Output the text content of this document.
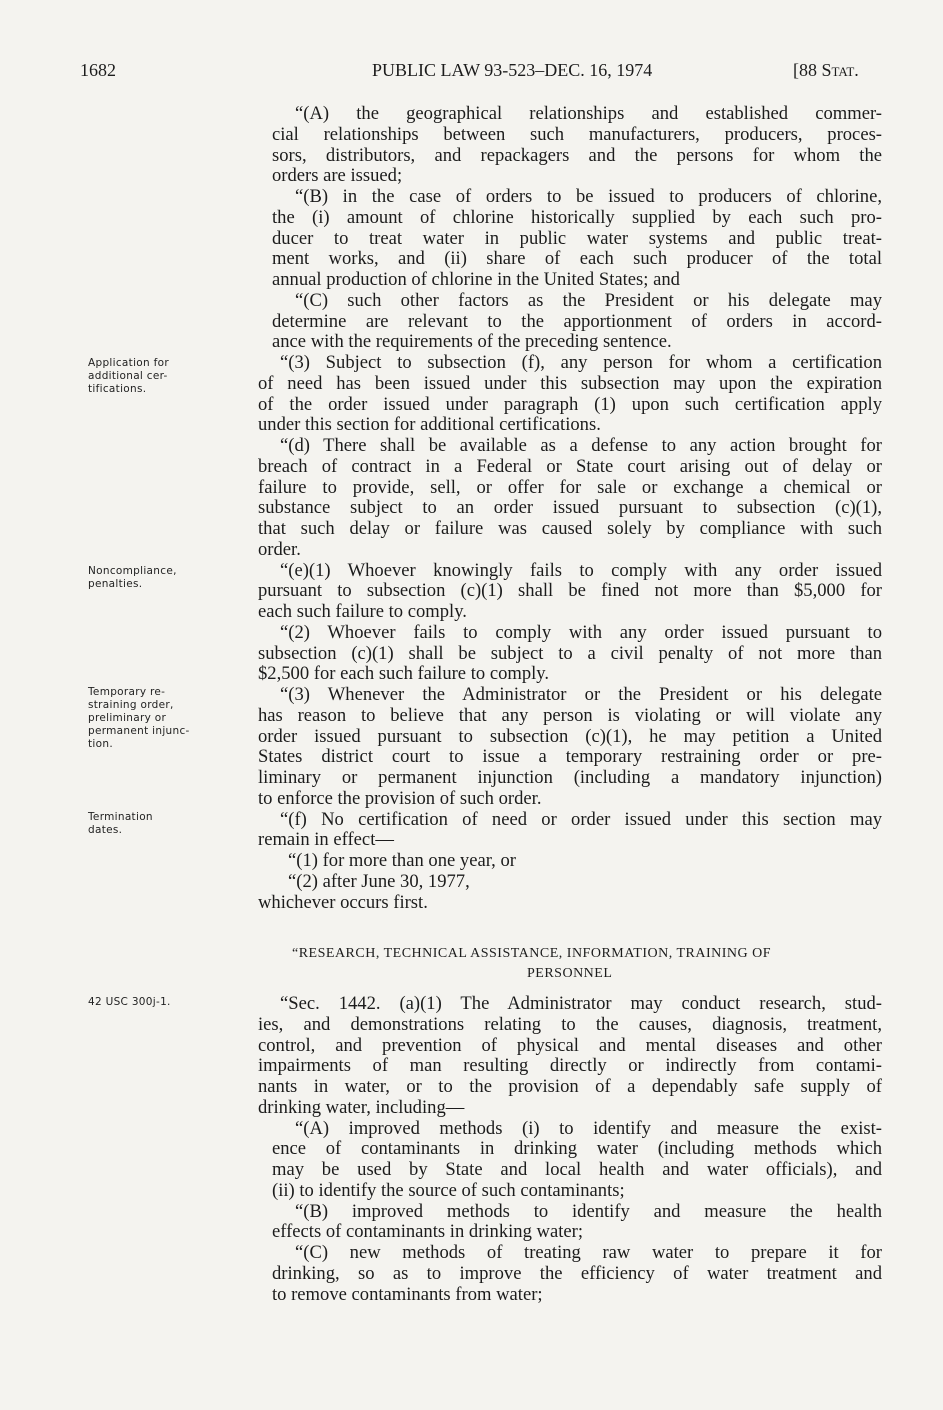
1682	PUBLIC LAW 93-523–DEC. 16, 1974	[88 Stat.
“(A) the geographical relationships and established commer-
cial relationships between such manufacturers, producers, proces-
sors, distributors, and repackagers and the persons for whom the
orders are issued;
“(B) in the case of orders to be issued to producers of chlorine,
the (i) amount of chlorine historically supplied by each such pro-
ducer to treat water in public water systems and public treat-
ment works, and (ii) share of each such producer of the total
annual production of chlorine in the United States; and
“(C) such other factors as the President or his delegate may
determine are relevant to the apportionment of orders in accord-
ance with the requirements of the preceding sentence.
“(3) Subject to subsection (f), any person for whom a certification
of need has been issued under this subsection may upon the expiration
of the order issued under paragraph (1) upon such certification apply
under this section for additional certifications.
“(d) There shall be available as a defense to any action brought for
breach of contract in a Federal or State court arising out of delay or
failure to provide, sell, or offer for sale or exchange a chemical or
substance subject to an order issued pursuant to subsection (c)(1),
that such delay or failure was caused solely by compliance with such
order.
“(e)(1) Whoever knowingly fails to comply with any order issued
pursuant to subsection (c)(1) shall be fined not more than $5,000 for
each such failure to comply.
“(2) Whoever fails to comply with any order issued pursuant to
subsection (c)(1) shall be subject to a civil penalty of not more than
$2,500 for each such failure to comply.
“(3) Whenever the Administrator or the President or his delegate
has reason to believe that any person is violating or will violate any
order issued pursuant to subsection (c)(1), he may petition a United
States district court to issue a temporary restraining order or pre-
liminary or permanent injunction (including a mandatory injunction)
to enforce the provision of such order.
“(f) No certification of need or order issued under this section may
remain in effect—
“(1) for more than one year, or
“(2) after June 30, 1977,
whichever occurs first.
Application for
additional cer-
tifications.
Noncompliance,
penalties.
Temporary re-
straining order,
preliminary or
permanent injunc-
tion.
Termination
dates.
42 USC 300j-1.
“RESEARCH, TECHNICAL ASSISTANCE, INFORMATION, TRAINING OF
PERSONNEL
“Sec. 1442. (a)(1) The Administrator may conduct research, stud-
ies, and demonstrations relating to the causes, diagnosis, treatment,
control, and prevention of physical and mental diseases and other
impairments of man resulting directly or indirectly from contami-
nants in water, or to the provision of a dependably safe supply of
drinking water, including—
“(A) improved methods (i) to identify and measure the exist-
ence of contaminants in drinking water (including methods which
may be used by State and local health and water officials), and
(ii) to identify the source of such contaminants;
“(B) improved methods to identify and measure the health
effects of contaminants in drinking water;
“(C) new methods of treating raw water to prepare it for
drinking, so as to improve the efficiency of water treatment and
to remove contaminants from water;
